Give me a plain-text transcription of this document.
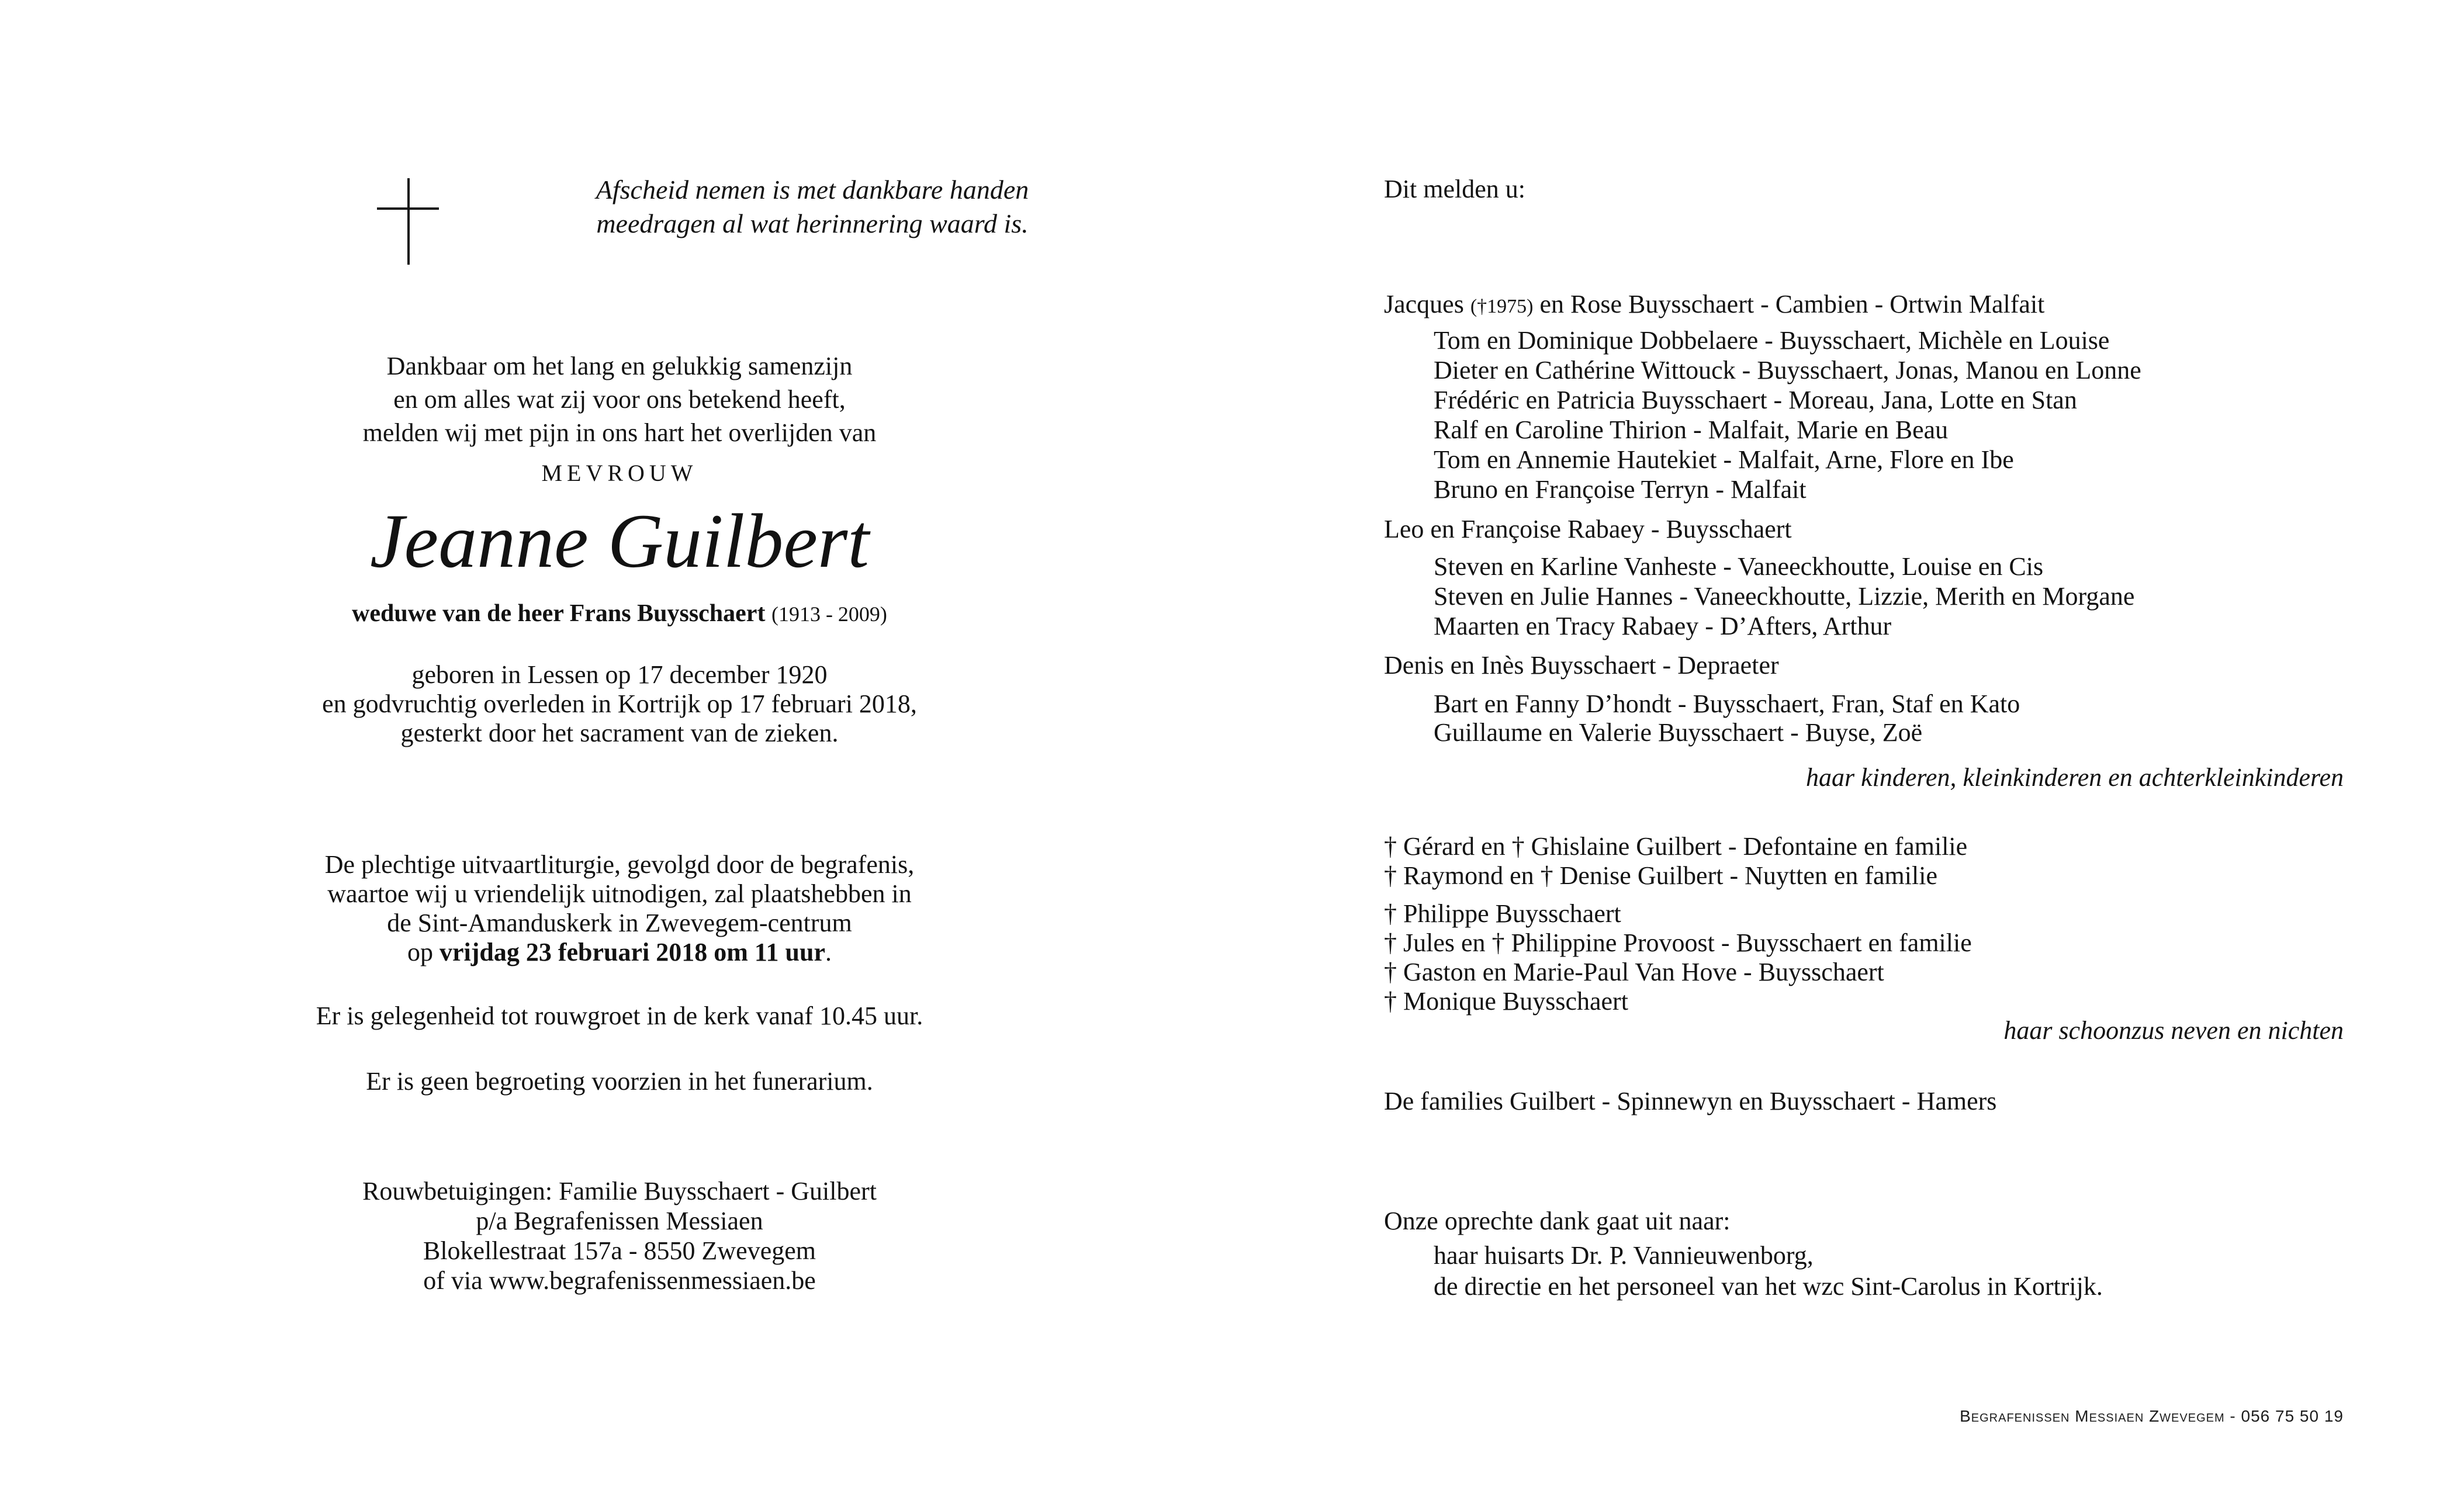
Afscheid nemen is met dankbare handen
meedragen al wat herinnering waard is.
Dankbaar om het lang en gelukkig samenzijn
en om alles wat zij voor ons betekend heeft,
melden wij met pijn in ons hart het overlijden van
MEVROUW
Jeanne Guilbert
weduwe van de heer Frans Buysschaert (1913 - 2009)
geboren in Lessen op 17 december 1920
en godvruchtig overleden in Kortrijk op 17 februari 2018,
gesterkt door het sacrament van de zieken.
De plechtige uitvaartliturgie, gevolgd door de begrafenis,
waartoe wij u vriendelijk uitnodigen, zal plaatshebben in
de Sint-Amanduskerk in Zwevegem-centrum
op vrijdag 23 februari 2018 om 11 uur.
Er is gelegenheid tot rouwgroet in de kerk vanaf 10.45 uur.
Er is geen begroeting voorzien in het funerarium.
Rouwbetuigingen: Familie Buysschaert - Guilbert
p/a Begrafenissen Messiaen
Blokellestraat 157a - 8550 Zwevegem
of via www.begrafenissenmessiaen.be
Dit melden u:
Jacques (†1975) en Rose Buysschaert - Cambien - Ortwin Malfait
Tom en Dominique Dobbelaere - Buysschaert, Michèle en Louise
Dieter en Cathérine Wittouck - Buysschaert, Jonas, Manou en Lonne
Frédéric en Patricia Buysschaert - Moreau, Jana, Lotte en Stan
Ralf en Caroline Thirion - Malfait, Marie en Beau
Tom en Annemie Hautekiet - Malfait, Arne, Flore en Ibe
Bruno en Françoise Terryn - Malfait
Leo en Françoise Rabaey - Buysschaert
Steven en Karline Vanheste - Vaneeckhoutte, Louise en Cis
Steven en Julie Hannes - Vaneeckhoutte, Lizzie, Merith en Morgane
Maarten en Tracy Rabaey - D’Afters, Arthur
Denis en Inès Buysschaert - Depraeter
Bart en Fanny D’hondt - Buysschaert, Fran, Staf en Kato
Guillaume en Valerie Buysschaert - Buyse, Zoë
haar kinderen, kleinkinderen en achterkleinkinderen
† Gérard en † Ghislaine Guilbert - Defontaine en familie
† Raymond en † Denise Guilbert - Nuytten en familie
† Philippe Buysschaert
† Jules en † Philippine Provoost - Buysschaert en familie
† Gaston en Marie-Paul Van Hove - Buysschaert
† Monique Buysschaert
haar schoonzus neven en nichten
De families Guilbert - Spinnewyn en Buysschaert - Hamers
Onze oprechte dank gaat uit naar:
haar huisarts Dr. P. Vannieuwenborg,
de directie en het personeel van het wzc Sint-Carolus in Kortrijk.
Begrafenissen Messiaen Zwevegem - 056 75 50 19
